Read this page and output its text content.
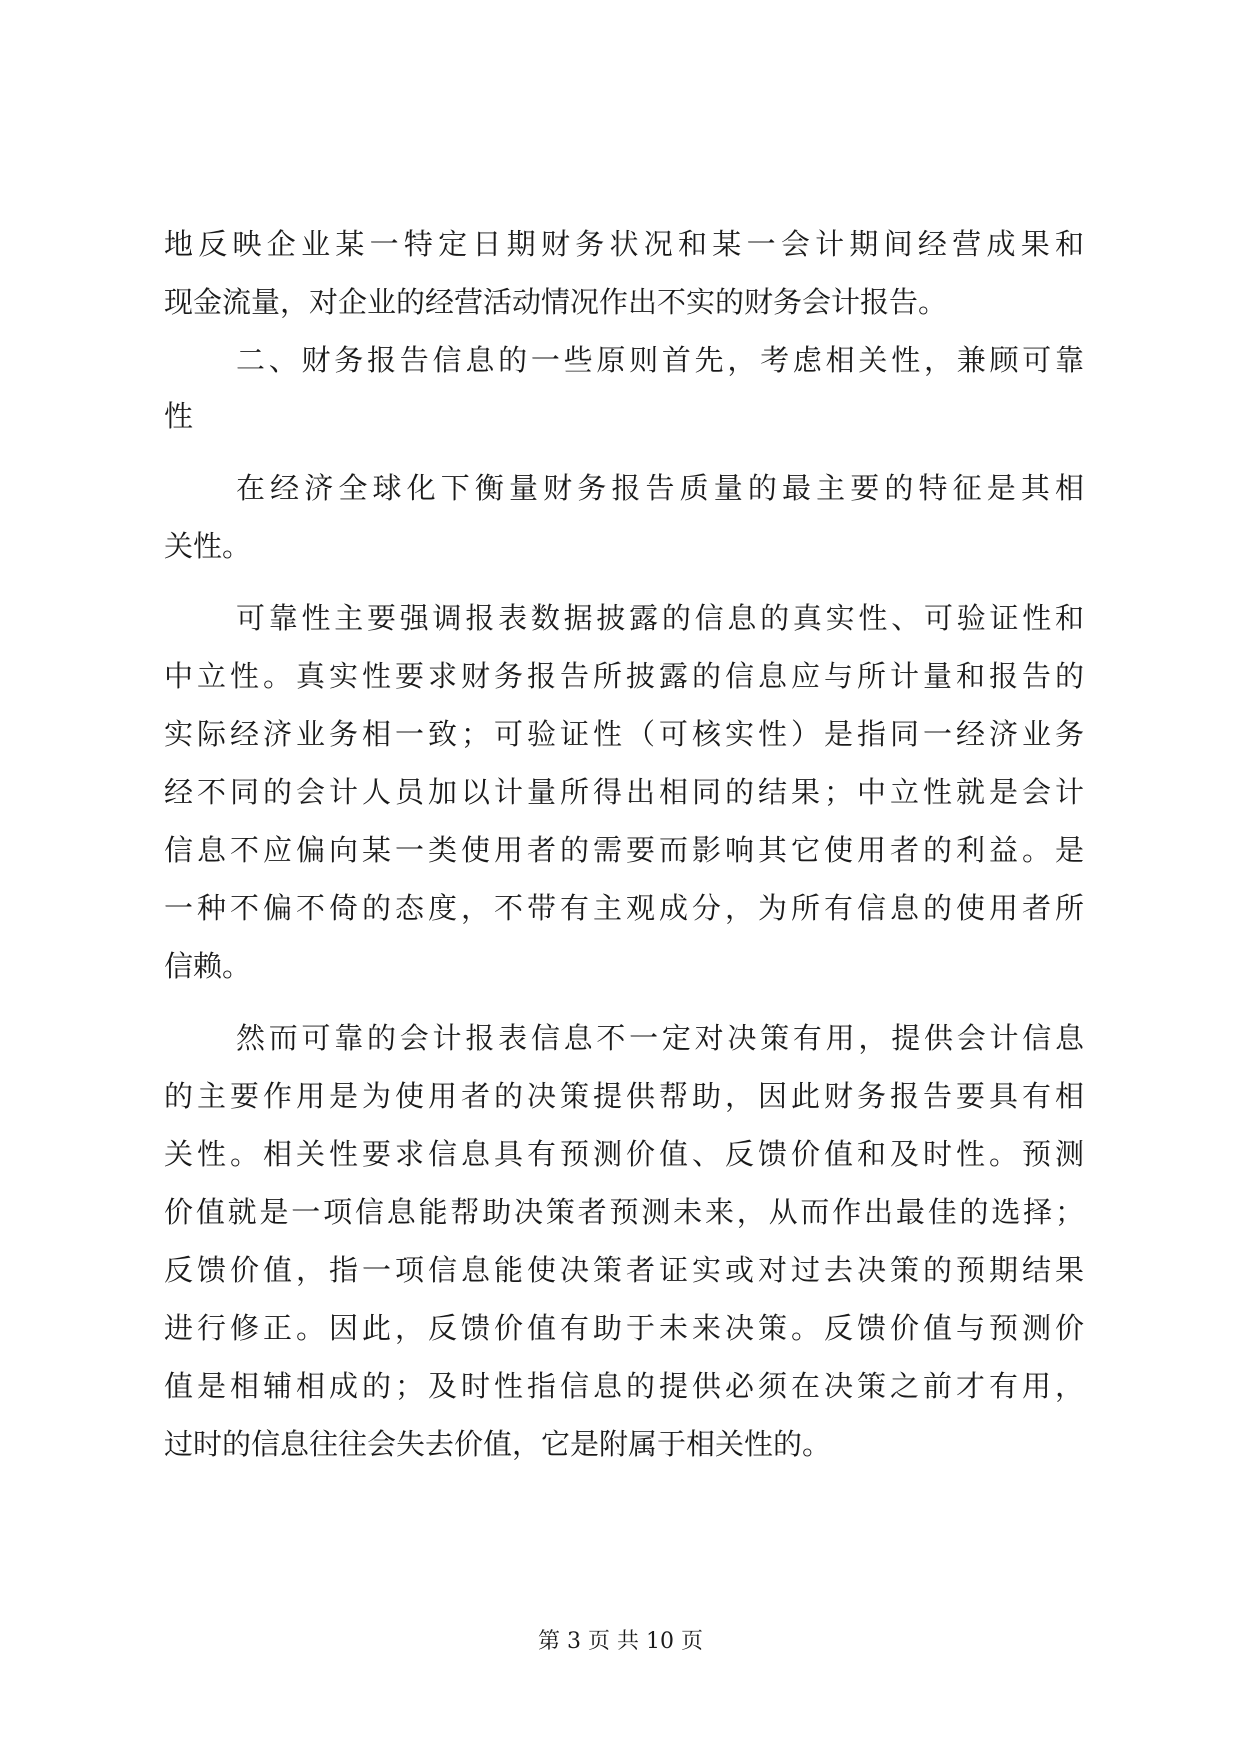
地反映企业某一特定日期财务状况和某一会计期间经营成果和
现金流量，对企业的经营活动情况作出不实的财务会计报告。
二、财务报告信息的一些原则首先，考虑相关性，兼顾可靠
性
在经济全球化下衡量财务报告质量的最主要的特征是其相
关性。
可靠性主要强调报表数据披露的信息的真实性、可验证性和
中立性。真实性要求财务报告所披露的信息应与所计量和报告的
实际经济业务相一致；可验证性（可核实性）是指同一经济业务
经不同的会计人员加以计量所得出相同的结果；中立性就是会计
信息不应偏向某一类使用者的需要而影响其它使用者的利益。是
一种不偏不倚的态度，不带有主观成分，为所有信息的使用者所
信赖。
然而可靠的会计报表信息不一定对决策有用，提供会计信息
的主要作用是为使用者的决策提供帮助，因此财务报告要具有相
关性。相关性要求信息具有预测价值、反馈价值和及时性。预测
价值就是一项信息能帮助决策者预测未来，从而作出最佳的选择；
反馈价值，指一项信息能使决策者证实或对过去决策的预期结果
进行修正。因此，反馈价值有助于未来决策。反馈价值与预测价
值是相辅相成的；及时性指信息的提供必须在决策之前才有用，
过时的信息往往会失去价值，它是附属于相关性的。
第 3 页 共 10 页
